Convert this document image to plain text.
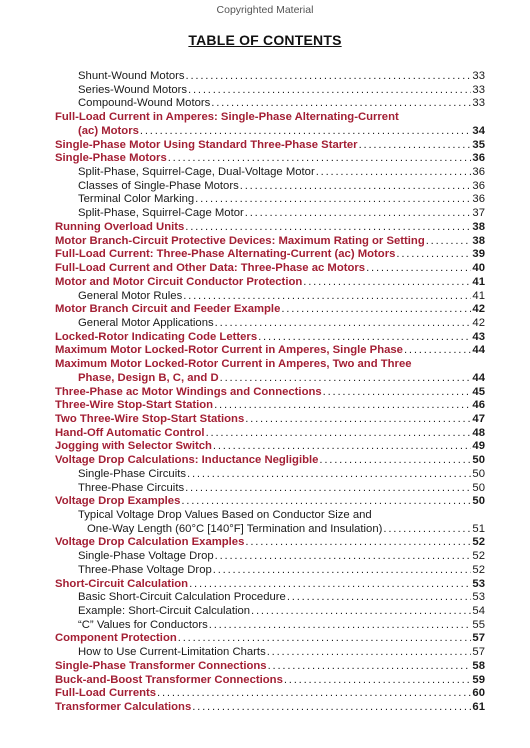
Copyrighted Material
TABLE OF CONTENTS
Shunt-Wound Motors .....	33
Series-Wound Motors .....	33
Compound-Wound Motors .....	33
Full-Load Current in Amperes: Single-Phase Alternating-Current
(ac) Motors .....	34
Single-Phase Motor Using Standard Three-Phase Starter .....	35
Single-Phase Motors .....	36
Split-Phase, Squirrel-Cage, Dual-Voltage Motor .....	36
Classes of Single-Phase Motors .....	36
Terminal Color Marking .....	36
Split-Phase, Squirrel-Cage Motor .....	37
Running Overload Units .....	38
Motor Branch-Circuit Protective Devices: Maximum Rating or Setting .....	38
Full-Load Current: Three-Phase Alternating-Current (ac) Motors .....	39
Full-Load Current and Other Data: Three-Phase ac Motors .....	40
Motor and Motor Circuit Conductor Protection .....	41
General Motor Rules .....	41
Motor Branch Circuit and Feeder Example .....	42
General Motor Applications .....	42
Locked-Rotor Indicating Code Letters .....	43
Maximum Motor Locked-Rotor Current in Amperes, Single Phase .....	44
Maximum Motor Locked-Rotor Current in Amperes, Two and Three
Phase, Design B, C, and D .....	44
Three-Phase ac Motor Windings and Connections .....	45
Three-Wire Stop-Start Station .....	46
Two Three-Wire Stop-Start Stations .....	47
Hand-Off Automatic Control .....	48
Jogging with Selector Switch .....	49
Voltage Drop Calculations: Inductance Negligible .....	50
Single-Phase Circuits .....	50
Three-Phase Circuits .....	50
Voltage Drop Examples .....	50
Typical Voltage Drop Values Based on Conductor Size and
One-Way Length (60°C [140°F] Termination and Insulation) .....	51
Voltage Drop Calculation Examples .....	52
Single-Phase Voltage Drop .....	52
Three-Phase Voltage Drop .....	52
Short-Circuit Calculation .....	53
Basic Short-Circuit Calculation Procedure .....	53
Example: Short-Circuit Calculation .....	54
“C” Values for Conductors .....	55
Component Protection .....	57
How to Use Current-Limitation Charts .....	57
Single-Phase Transformer Connections .....	58
Buck-and-Boost Transformer Connections .....	59
Full-Load Currents .....	60
Transformer Calculations .....	61
